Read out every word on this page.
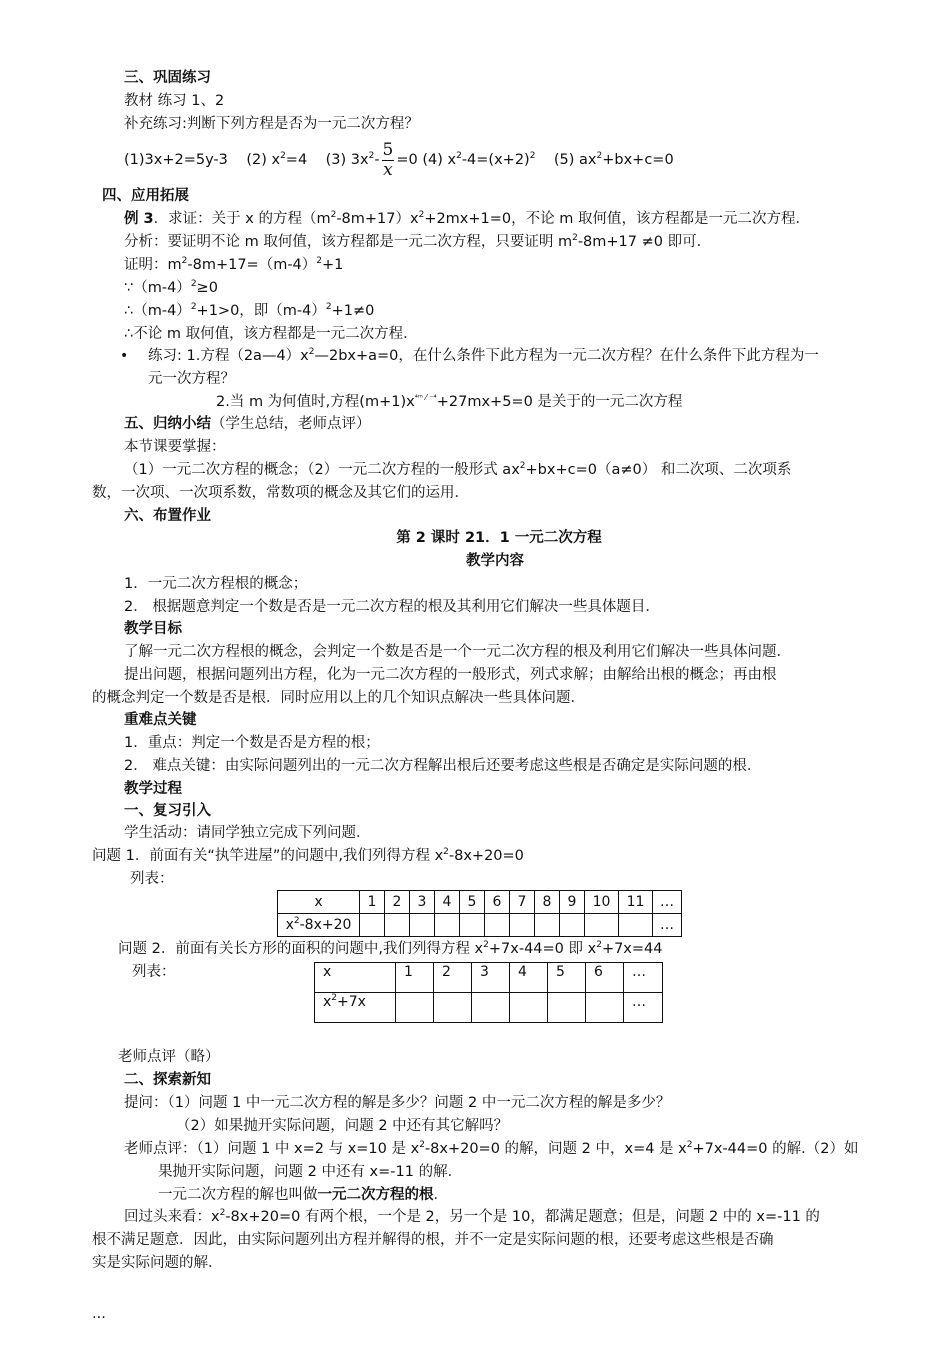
三、巩固练习
教材 练习 1、2
补充练习:判断下列方程是否为一元二次方程？
(1)3x+2=5y-3 (2) $x^2=4$ (3) $3x^2- \frac{5}{x} =0$ (4) $x^2-4=(x+2)^2$ (5) $ax^2+bx+c=0$
四、应用拓展
例 3．求证：关于 x 的方程$(m^2-8m+17)x^2+2mx+1=0$，不论 m 取何值，该方程都是一元二次方程．
分析：要证明不论 m 取何值，该方程都是一元二次方程，只要证明 $m^2-8m+17 \ne 0$ 即可．
证明：$m^2-8m+17=(m-4)^2+1$
$\because(m-4)^2\ge 0$
$\therefore(m-4)^2+1>0$，即$(m-4)^2+1\ne 0$
∴不论 m 取何值，该方程都是一元二次方程．
• 练习: 1.方程$(2a—4)x^2—2bx+a=0$，在什么条件下此方程为一元二次方程？在什么条件下此方程为一
元一次方程？
2.当 m 为何值时,方程$(m+1)x^{^4ᵐ ⁄ ^{-4}}+27mx+5=0$ 是关于的一元二次方程
五、归纳小结（学生总结，老师点评）
本节课要掌握：
（1）一元二次方程的概念；（2）一元二次方程的一般形式 $ax^2+bx+c=0(a\ne 0)$ 和二次项、二次项系
数，一次项、一次项系数，常数项的概念及其它们的运用．
六、布置作业
第 2 课时 21．1 一元二次方程
教学内容
1．一元二次方程根的概念；
2． 根据题意判定一个数是否是一元二次方程的根及其利用它们解决一些具体题目．
教学目标
了解一元二次方程根的概念，会判定一个数是否是一个一元二次方程的根及利用它们解决一些具体问题．
提出问题，根据问题列出方程，化为一元二次方程的一般形式，列式求解；由解给出根的概念；再由根
的概念判定一个数是否是根．同时应用以上的几个知识点解决一些具体问题．
重难点关键
1．重点：判定一个数是否是方程的根；
2． 难点关键：由实际问题列出的一元二次方程解出根后还要考虑这些根是否确定是实际问题的根．
教学过程
一、复习引入
学生活动：请同学独立完成下列问题．
问题 1．前面有关“执竿进屋”的问题中,我们列得方程 $x^2-8x+20=0$
列表：
x	1	2	3	4	5	6	7	8	9	10	11	…
$x^2-8x+20$												…
问题 2．前面有关长方形的面积的问题中,我们列得方程 $x^2+7x-44=0$ 即 $x^2+7x=44$
列表：	x	1	2	3	4	5	6	…
$x^2+7x$							…
老师点评（略）
二、探索新知
提问：（1）问题 1 中一元二次方程的解是多少？问题 2 中一元二次方程的解是多少？
（2）如果抛开实际问题，问题 2 中还有其它解吗？
老师点评：（1）问题 1 中 x=2 与 x=10 是 $x^2-8x+20=0$ 的解，问题 2 中，x=4 是 $x^2+7x-44=0$ 的解.（2）如
果抛开实际问题，问题 2 中还有 x=-11 的解．
一元二次方程的解也叫做一元二次方程的根．
回过头来看：$x^2-8x+20=0$ 有两个根，一个是 2，另一个是 10，都满足题意；但是，问题 2 中的 x=-11 的
根不满足题意．因此，由实际问题列出方程并解得的根，并不一定是实际问题的根，还要考虑这些根是否确
实是实际问题的解．
...
